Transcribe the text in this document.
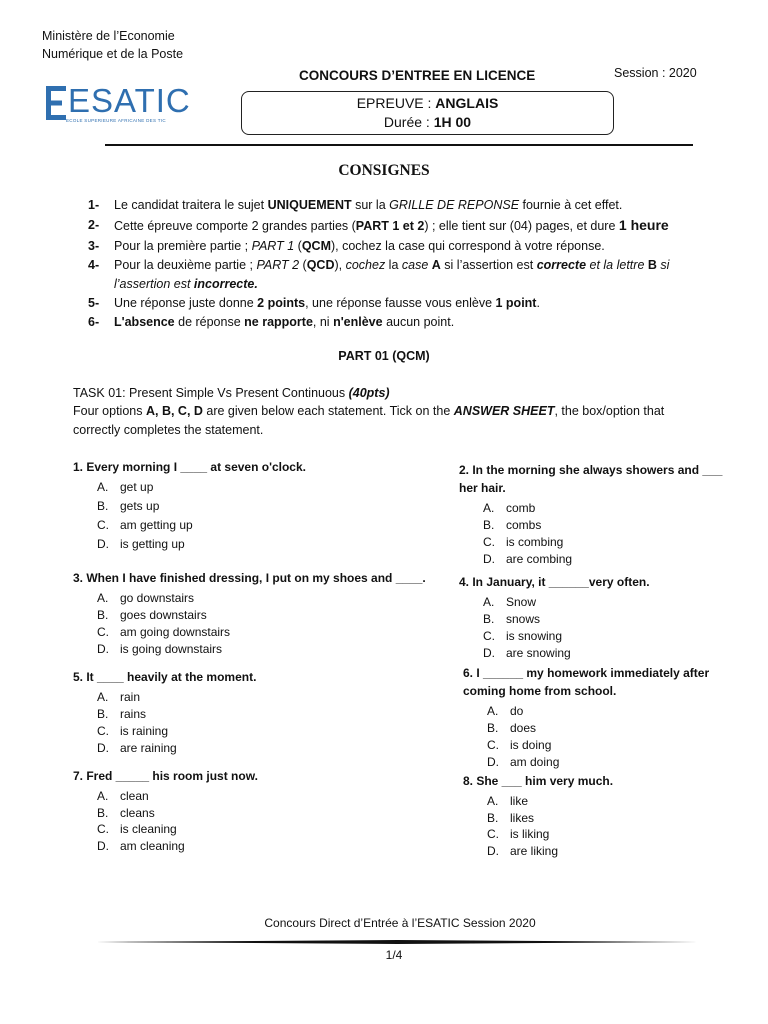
Ministère de l’Economie
Numérique et de la Poste
ESATIC
ECOLE SUPERIEURE AFRICAINE DES TIC
CONCOURS D’ENTREE EN LICENCE	Session : 2020
EPREUVE : ANGLAIS
Durée : 1H 00
CONSIGNES
1- Le candidat traitera le sujet UNIQUEMENT sur la GRILLE DE REPONSE fournie à cet effet.
2- Cette épreuve comporte 2 grandes parties (PART 1 et 2) ; elle tient sur (04) pages, et dure 1 heure
3- Pour la première partie ; PART 1 (QCM), cochez la case qui correspond à votre réponse.
4- Pour la deuxième partie ; PART 2 (QCD), cochez la case A si l’assertion est correcte et la lettre B si
l’assertion est incorrecte.
5- Une réponse juste donne 2 points, une réponse fausse vous enlève 1 point.
6- L'absence de réponse ne rapporte, ni n'enlève aucun point.
PART 01 (QCM)
TASK 01: Present Simple Vs Present Continuous (40pts)
Four options A, B, C, D are given below each statement. Tick on the ANSWER SHEET, the box/option that correctly completes the statement.
1. Every morning I ____ at seven o'clock.
A. get up
B. gets up
C. am getting up
D. is getting up
2. In the morning she always showers and ___
her hair.
A. comb
B. combs
C. is combing
D. are combing
3. When I have finished dressing, I put on my shoes and ____.
A. go downstairs
B. goes downstairs
C. am going downstairs
D. is going downstairs
4. In January, it ______very often.
A. Snow
B. snows
C. is snowing
D. are snowing
5. It ____ heavily at the moment.
A. rain
B. rains
C. is raining
D. are raining
6. I ______ my homework immediately after
coming home from school.
A. do
B. does
C. is doing
D. am doing
7. Fred _____ his room just now.
A. clean
B. cleans
C. is cleaning
D. am cleaning
8. She ___ him very much.
A. like
B. likes
C. is liking
D. are liking
Concours Direct d’Entrée à l’ESATIC Session 2020
1/4
